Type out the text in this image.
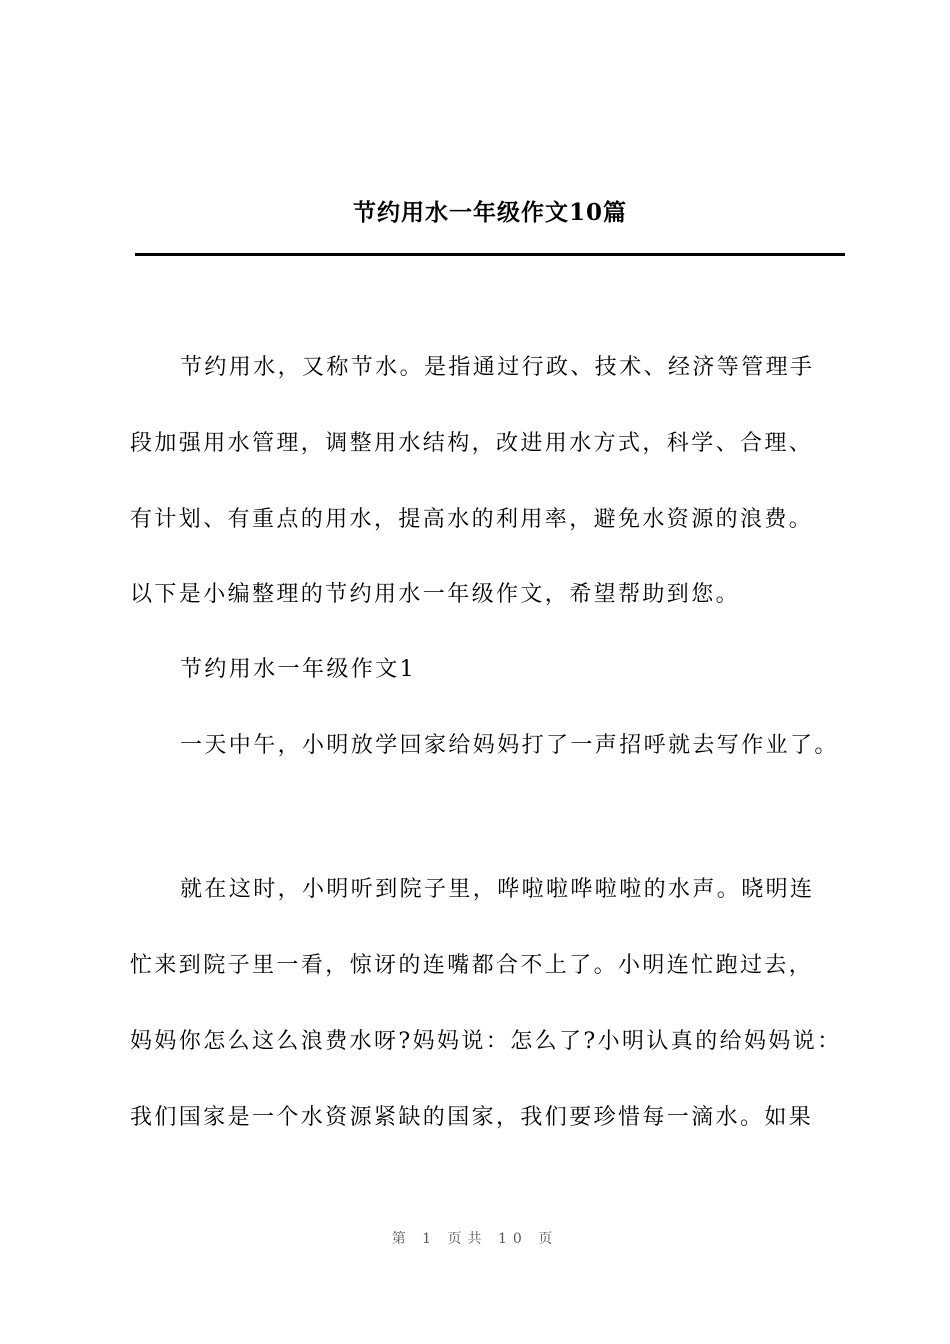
节约用水一年级作文10篇
节约用水，又称节水。是指通过行政、技术、经济等管理手
段加强用水管理，调整用水结构，改进用水方式，科学、合理、
有计划、有重点的用水，提高水的利用率，避免水资源的浪费。
以下是小编整理的节约用水一年级作文，希望帮助到您。
节约用水一年级作文1
一天中午，小明放学回家给妈妈打了一声招呼就去写作业了。
就在这时，小明听到院子里，哗啦啦哗啦啦的水声。晓明连
忙来到院子里一看，惊讶的连嘴都合不上了。小明连忙跑过去，
妈妈你怎么这么浪费水呀?妈妈说：怎么了?小明认真的给妈妈说：
我们国家是一个水资源紧缺的国家，我们要珍惜每一滴水。如果
第 1 页共 10 页
